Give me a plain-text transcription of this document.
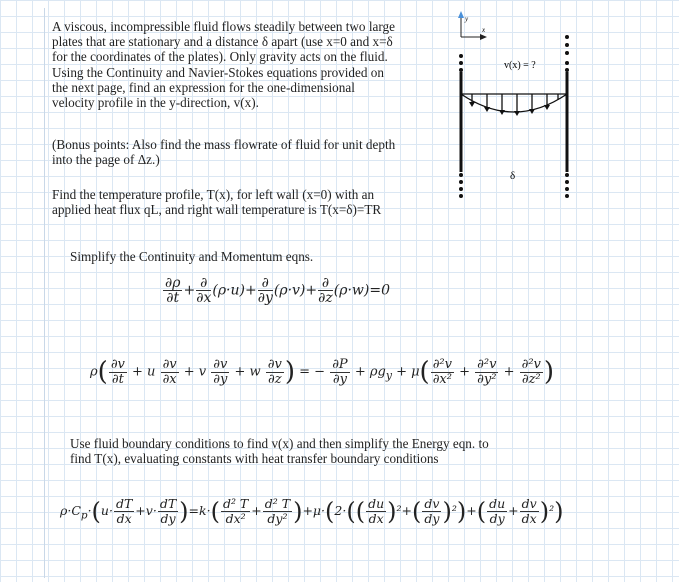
A viscous, incompressible fluid flows steadily between two large
plates that are stationary and a distance δ apart (use x=0 and x=δ
for the coordinates of the plates). Only gravity acts on the fluid.
Using the Continuity and Navier-Stokes equations provided on
the next page, find an expression for the one-dimensional
velocity profile in the y-direction, v(x).
(Bonus points: Also find the mass flowrate of fluid for unit depth
into the page of Δz.)
Find the temperature profile, T(x), for left wall (x=0) with an
applied heat flux qL, and right wall temperature is T(x=δ)=TR
y
x
v(x) = ?
δ
Simplify the Continuity and Momentum eqns.
$\frac{\partial\rho}{\partial t} + \frac{\partial}{\partial x} (\rho\cdot u)+ \frac{\partial}{\partial y} (\rho\cdot v)+ \frac{\partial}{\partial z} (\rho\cdot w)=0$
$\rho( \frac{\partial v}{\partial t} + u \frac{\partial v}{\partial x} + v \frac{\partial v}{\partial y} + w \frac{\partial v}{\partial z}$ ) = − $\frac{\partial P}{\partial y} + \rho g_y + \mu( \frac{\text{∂²v}}{\text{∂x²}} + \frac{\text{∂²v}}{\text{∂y²}} + \frac{\text{∂²v}}{\text{∂z²}}$ )
Use fluid boundary conditions to find v(x) and then simplify the Energy eqn. to
find T(x), evaluating constants with heat transfer boundary conditions
$\rho\cdot C_p\cdot(u\cdot \frac{dT}{dx} +v\cdot \frac{dT}{dy} )=k\cdot( \frac{\text{d² T}}{\text{dx²}} + \frac{\text{d² T}}{\text{dy²}} )+\mu\cdot(2\cdot(( \frac{du}{dx} )^2+( \frac{dv}{dy} )^2)+( \frac{du}{dy} + \frac{dv}{dx} )^2)$
